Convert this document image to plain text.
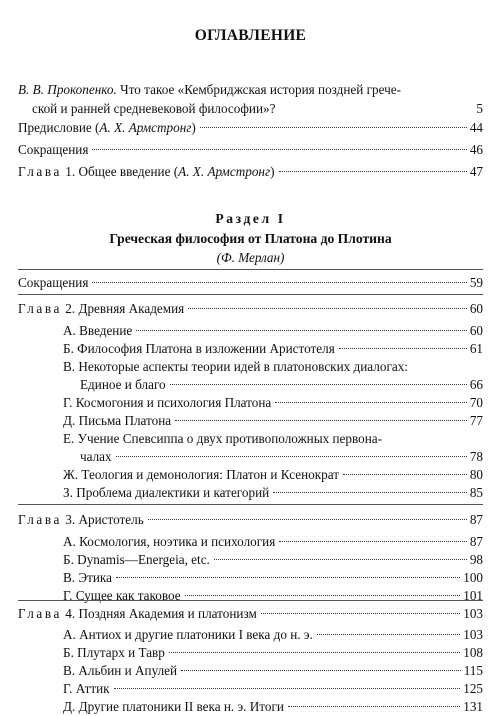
ОГЛАВЛЕНИЕ
В. В. Прокопенко. Что такое «Кембриджская история поздней грече-
ской и ранней средневековой философии»?	5
Предисловие (А. Х. Армстронг)	44
Сокращения	46
Глава 1. Общее введение (А. Х. Армстронг)	47
Раздел I
Греческая философия от Платона до Плотина
(Ф. Мерлан)
Сокращения	59
Глава 2. Древняя Академия	60
А. Введение	60
Б. Философия Платона в изложении Аристотеля	61
В. Некоторые аспекты теории идей в платоновских диалогах:
Единое и благо	66
Г. Космогония и психология Платона	70
Д. Письма Платона	77
Е. Учение Спевсиппа о двух противоположных первона-
чалах	78
Ж. Теология и демонология: Платон и Ксенократ	80
З. Проблема диалектики и категорий	85
Глава 3. Аристотель	87
А. Космология, ноэтика и психология	87
Б. Dynamis—Energeia, etc.	98
В. Этика	100
Г. Сущее как таковое	101
Глава 4. Поздняя Академия и платонизм	103
А. Антиох и другие платоники I века до н. э.	103
Б. Плутарх и Тавр	108
В. Альбин и Апулей	115
Г. Аттик	125
Д. Другие платоники II века н. э. Итоги	131
